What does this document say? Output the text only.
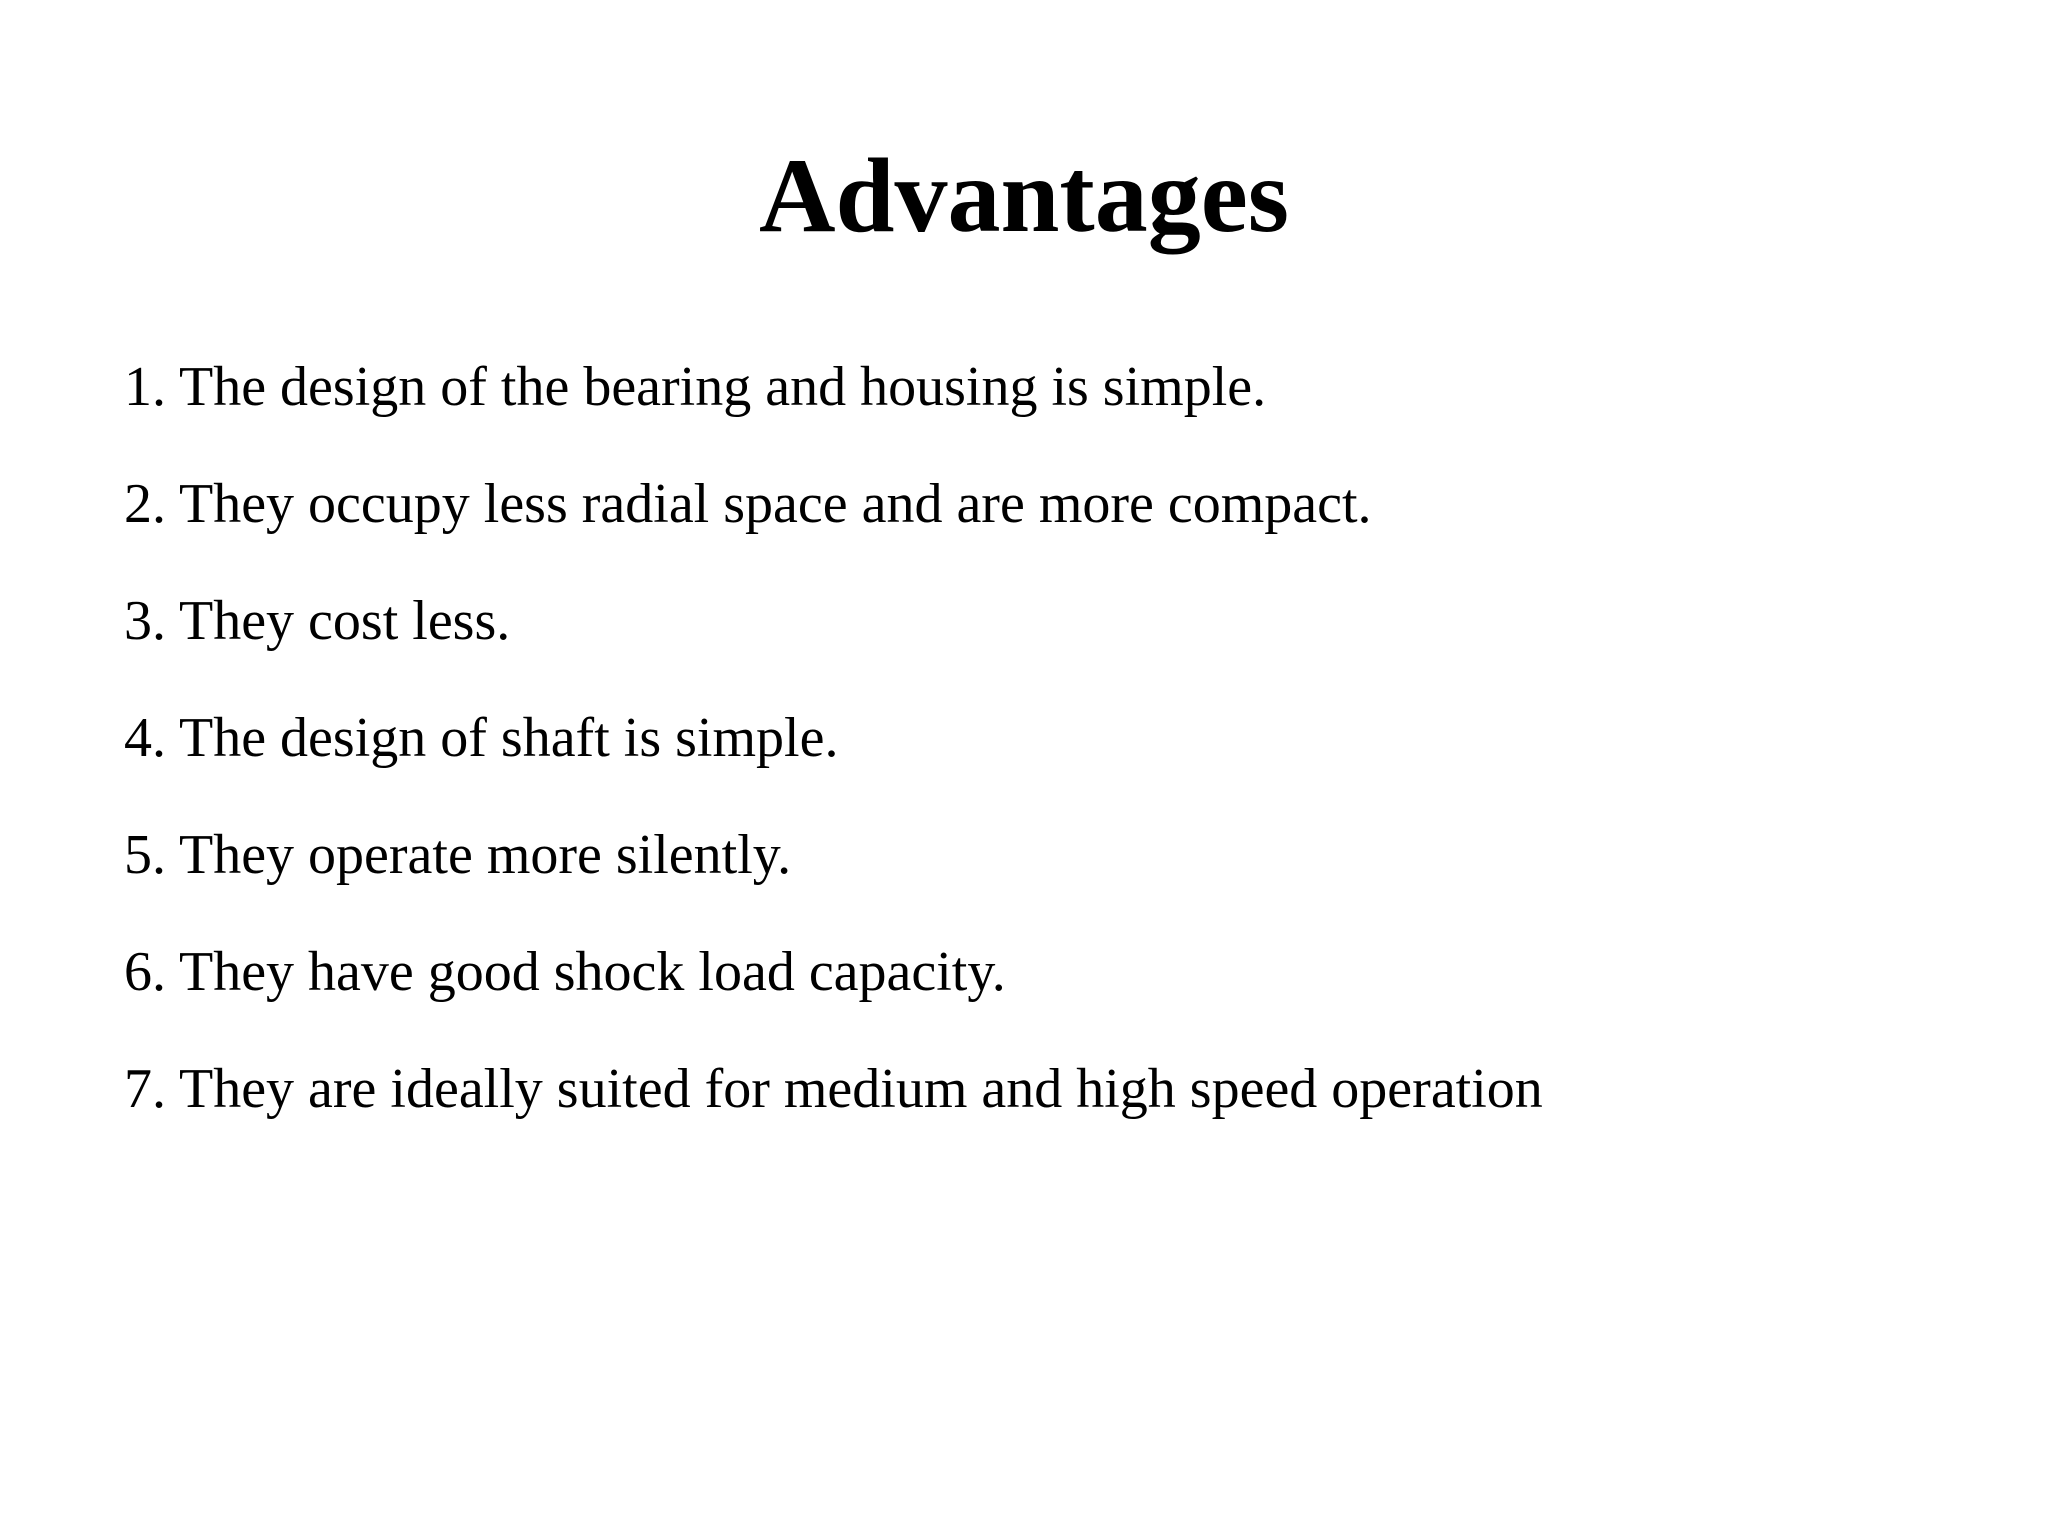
Advantages
1. The design of the bearing and housing is simple.
2. They occupy less radial space and are more compact.
3. They cost less.
4. The design of shaft is simple.
5. They operate more silently.
6. They have good shock load capacity.
7. They are ideally suited for medium and high speed operation
